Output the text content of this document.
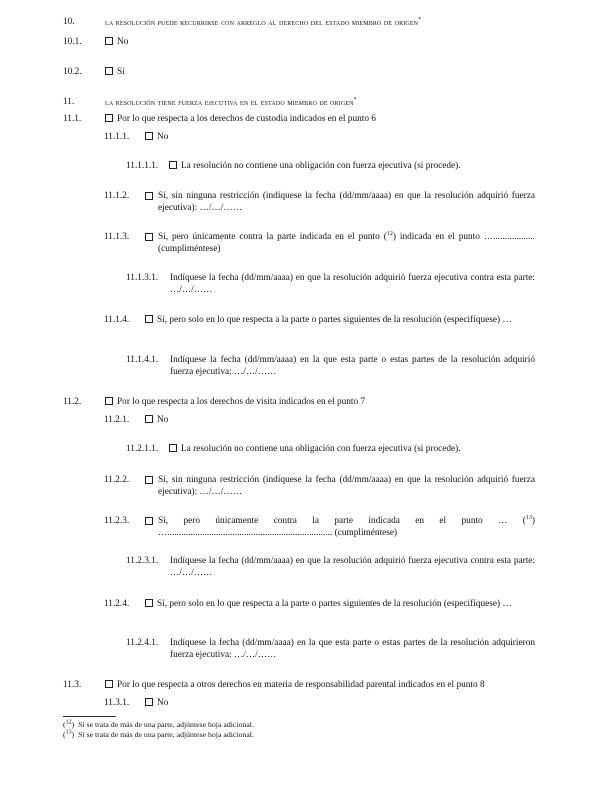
10.	la resolución puede recurrirse con arreglo al derecho del estado miembro de origen*
10.1.	No
10.2.	Sí
11.	la resolución tiene fuerza ejecutiva en el estado miembro de origen*
11.1.	Por lo que respecta a los derechos de custodia indicados en el punto 6
11.1.1.	No
11.1.1.1.	La resolución no contiene una obligación con fuerza ejecutiva (si procede).
11.1.2.	Sí, sin ninguna restricción (indíquese la fecha (dd/mm/aaaa) en que la resolución adquirió fuerza ejecutiva): …/…/……
11.1.3.	Sí, pero únicamente contra la parte indicada en el punto ($^{12}$) indicada en el punto ….................. (cumpliméntese)
11.1.3.1. Indíquese la fecha (dd/mm/aaaa) en que la resolución adquirió fuerza ejecutiva contra esta parte: …/…/……
11.1.4.	Sí, pero solo en lo que respecta a la parte o partes siguientes de la resolución (especifíquese) …
11.1.4.1. Indíquese la fecha (dd/mm/aaaa) en la que esta parte o estas partes de la resolución adquirió fuerza ejecutiva: …/…/……
11.2.	Por lo que respecta a los derechos de visita indicados en el punto 7
11.2.1.	No
11.2.1.1.	La resolución no contiene una obligación con fuerza ejecutiva (si procede).
11.2.2.	Sí, sin ninguna restricción (indíquese la fecha (dd/mm/aaaa) en que la resolución adquirió fuerza ejecutiva): …/…/……
11.2.3.	Sí, pero únicamente contra la parte indicada en el punto … ($^{13}$) …....................................................................... (cumpliméntese)
11.2.3.1. Indíquese la fecha (dd/mm/aaaa) en que la resolución adquirió fuerza ejecutiva contra esta parte: …/…/……
11.2.4.	Sí, pero solo en lo que respecta a la parte o partes siguientes de la resolución (especifíquese) …
11.2.4.1. Indíquese la fecha (dd/mm/aaaa) en la que esta parte o estas partes de la resolución adquirieron fuerza ejecutiva: …/…/……
11.3.	Por lo que respecta a otros derechos en materia de responsabilidad parental indicados en el punto 8
11.3.1.	No
($^{12}$)  Si se trata de más de una parte, adjúntese hoja adicional.
($^{13}$)  Si se trata de más de una parte, adjúntese hoja adicional.
